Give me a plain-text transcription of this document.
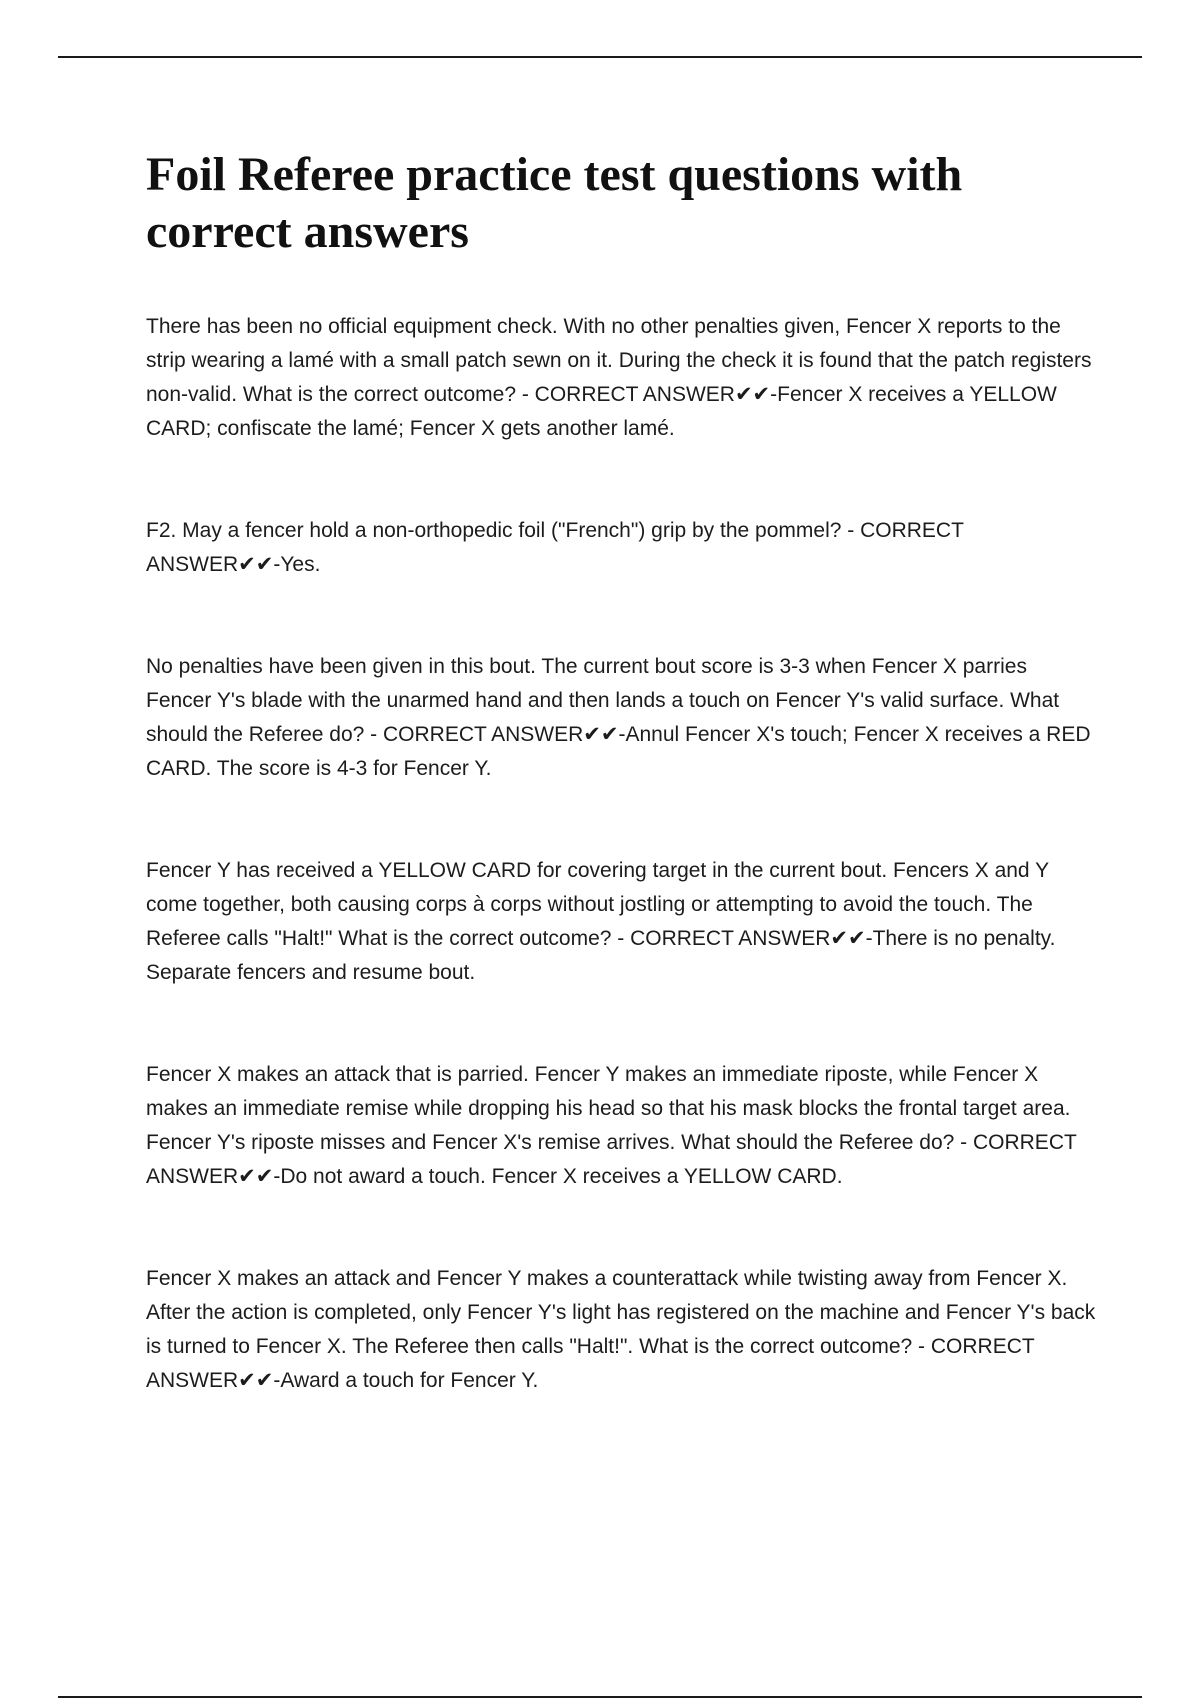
Foil Referee practice test questions with correct answers

There has been no official equipment check. With no other penalties given, Fencer X reports to the strip wearing a lamé with a small patch sewn on it. During the check it is found that the patch registers non-valid. What is the correct outcome? - CORRECT ANSWER✔✔-Fencer X receives a YELLOW CARD; confiscate the lamé; Fencer X gets another lamé.

F2. May a fencer hold a non-orthopedic foil ("French") grip by the pommel? - CORRECT ANSWER✔✔-Yes.

No penalties have been given in this bout. The current bout score is 3-3 when Fencer X parries Fencer Y's blade with the unarmed hand and then lands a touch on Fencer Y's valid surface. What should the Referee do? - CORRECT ANSWER✔✔-Annul Fencer X's touch; Fencer X receives a RED CARD. The score is 4-3 for Fencer Y.

Fencer Y has received a YELLOW CARD for covering target in the current bout. Fencers X and Y come together, both causing corps à corps without jostling or attempting to avoid the touch. The Referee calls "Halt!" What is the correct outcome? - CORRECT ANSWER✔✔-There is no penalty. Separate fencers and resume bout.

Fencer X makes an attack that is parried. Fencer Y makes an immediate riposte, while Fencer X makes an immediate remise while dropping his head so that his mask blocks the frontal target area. Fencer Y's riposte misses and Fencer X's remise arrives. What should the Referee do? - CORRECT ANSWER✔✔-Do not award a touch. Fencer X receives a YELLOW CARD.

Fencer X makes an attack and Fencer Y makes a counterattack while twisting away from Fencer X. After the action is completed, only Fencer Y's light has registered on the machine and Fencer Y's back is turned to Fencer X. The Referee then calls "Halt!". What is the correct outcome? - CORRECT ANSWER✔✔-Award a touch for Fencer Y.
